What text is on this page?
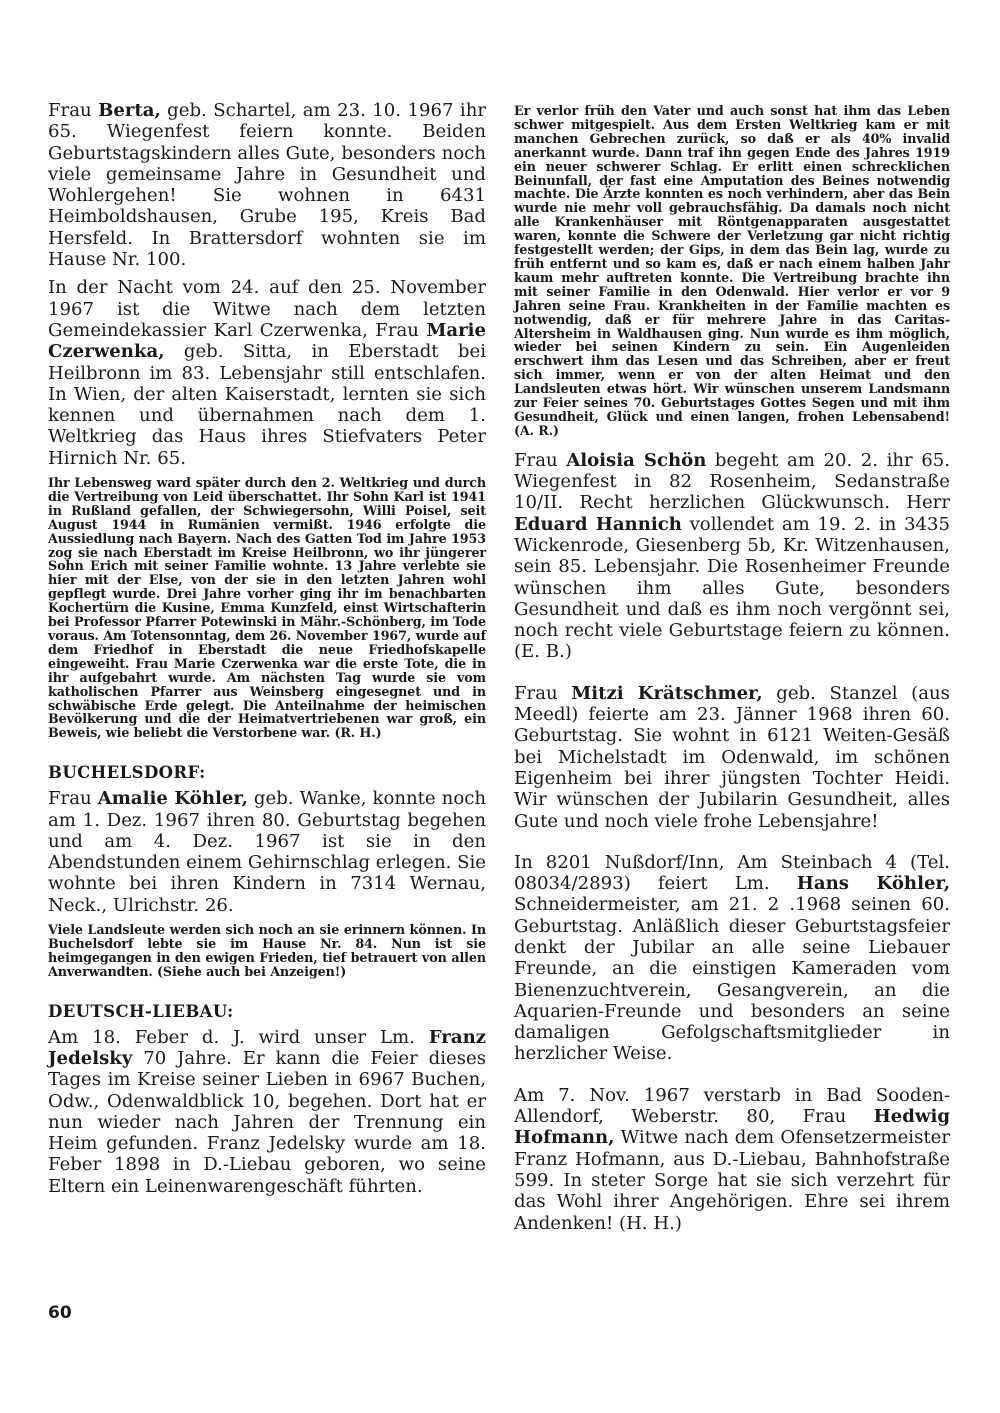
Frau Berta, geb. Schartel, am 23. 10. 1967 ihr 65. Wiegenfest feiern konnte. Beiden Geburtstagskindern alles Gute, besonders noch viele gemeinsame Jahre in Gesundheit und Wohlergehen! Sie wohnen in 6431 Heimboldshausen, Grube 195, Kreis Bad Hersfeld. In Brattersdorf wohnten sie im Hause Nr. 100.

In der Nacht vom 24. auf den 25. November 1967 ist die Witwe nach dem letzten Gemeindekassier Karl Czerwenka, Frau Marie Czerwenka, geb. Sitta, in Eberstadt bei Heilbronn im 83. Lebensjahr still entschlafen. In Wien, der alten Kaiserstadt, lernten sie sich kennen und übernahmen nach dem 1. Weltkrieg das Haus ihres Stiefvaters Peter Hirnich Nr. 65.

Ihr Lebensweg ward später durch den 2. Weltkrieg und durch die Vertreibung von Leid überschattet. Ihr Sohn Karl ist 1941 in Rußland gefallen, der Schwiegersohn, Willi Poisel, seit August 1944 in Rumänien vermißt. 1946 erfolgte die Aussiedlung nach Bayern. Nach des Gatten Tod im Jahre 1953 zog sie nach Eberstadt im Kreise Heilbronn, wo ihr jüngerer Sohn Erich mit seiner Familie wohnte. 13 Jahre verlebte sie hier mit der Else, von der sie in den letzten Jahren wohl gepflegt wurde. Drei Jahre vorher ging ihr im benachbarten Kochertürn die Kusine, Emma Kunzfeld, einst Wirtschafterin bei Professor Pfarrer Potewinski in Mähr.-Schönberg, im Tode voraus. Am Totensonntag, dem 26. November 1967, wurde auf dem Friedhof in Eberstadt die neue Friedhofskapelle eingeweiht. Frau Marie Czerwenka war die erste Tote, die in ihr aufgebahrt wurde. Am nächsten Tag wurde sie vom katholischen Pfarrer aus Weinsberg eingesegnet und in schwäbische Erde gelegt. Die Anteilnahme der heimischen Bevölkerung und die der Heimatvertriebenen war groß, ein Beweis, wie beliebt die Verstorbene war. (R. H.)

BUCHELSDORF:

Frau Amalie Köhler, geb. Wanke, konnte noch am 1. Dez. 1967 ihren 80. Geburtstag begehen und am 4. Dez. 1967 ist sie in den Abendstunden einem Gehirnschlag erlegen. Sie wohnte bei ihren Kindern in 7314 Wernau, Neck., Ulrichstr. 26.

Viele Landsleute werden sich noch an sie erinnern können. In Buchelsdorf lebte sie im Hause Nr. 84. Nun ist sie heimgegangen in den ewigen Frieden, tief betrauert von allen Anverwandten. (Siehe auch bei Anzeigen!)

DEUTSCH-LIEBAU:

Am 18. Feber d. J. wird unser Lm. Franz Jedelsky 70 Jahre. Er kann die Feier dieses Tages im Kreise seiner Lieben in 6967 Buchen, Odw., Odenwaldblick 10, begehen. Dort hat er nun wieder nach Jahren der Trennung ein Heim gefunden. Franz Jedelsky wurde am 18. Feber 1898 in D.-Liebau geboren, wo seine Eltern ein Leinenwarengeschäft führten.

Er verlor früh den Vater und auch sonst hat ihm das Leben schwer mitgespielt. Aus dem Ersten Weltkrieg kam er mit manchen Gebrechen zurück, so daß er als 40% invalid anerkannt wurde. Dann traf ihn gegen Ende des Jahres 1919 ein neuer schwerer Schlag. Er erlitt einen schrecklichen Beinunfall, der fast eine Amputation des Beines notwendig machte. Die Ärzte konnten es noch verhindern, aber das Bein wurde nie mehr voll gebrauchsfähig. Da damals noch nicht alle Krankenhäuser mit Röntgenapparaten ausgestattet waren, konnte die Schwere der Verletzung gar nicht richtig festgestellt werden; der Gips, in dem das Bein lag, wurde zu früh entfernt und so kam es, daß er nach einem halben Jahr kaum mehr auftreten konnte. Die Vertreibung brachte ihn mit seiner Familie in den Odenwald. Hier verlor er vor 9 Jahren seine Frau. Krankheiten in der Familie machten es notwendig, daß er für mehrere Jahre in das Caritas-Altersheim in Waldhausen ging. Nun wurde es ihm möglich, wieder bei seinen Kindern zu sein. Ein Augenleiden erschwert ihm das Lesen und das Schreiben, aber er freut sich immer, wenn er von der alten Heimat und den Landsleuten etwas hört. Wir wünschen unserem Landsmann zur Feier seines 70. Geburtstages Gottes Segen und mit ihm Gesundheit, Glück und einen langen, frohen Lebensabend! (A. R.)

Frau Aloisia Schön begeht am 20. 2. ihr 65. Wiegenfest in 82 Rosenheim, Sedanstraße 10/II. Recht herzlichen Glückwunsch. Herr Eduard Hannich vollendet am 19. 2. in 3435 Wickenrode, Giesenberg 5b, Kr. Witzenhausen, sein 85. Lebensjahr. Die Rosenheimer Freunde wünschen ihm alles Gute, besonders Gesundheit und daß es ihm noch vergönnt sei, noch recht viele Geburtstage feiern zu können. (E. B.)

Frau Mitzi Krätschmer, geb. Stanzel (aus Meedl) feierte am 23. Jänner 1968 ihren 60. Geburtstag. Sie wohnt in 6121 Weiten-Gesäß bei Michelstadt im Odenwald, im schönen Eigenheim bei ihrer jüngsten Tochter Heidi. Wir wünschen der Jubilarin Gesundheit, alles Gute und noch viele frohe Lebensjahre!

In 8201 Nußdorf/Inn, Am Steinbach 4 (Tel. 08034/2893) feiert Lm. Hans Köhler, Schneidermeister, am 21. 2 .1968 seinen 60. Geburtstag. Anläßlich dieser Geburtstagsfeier denkt der Jubilar an alle seine Liebauer Freunde, an die einstigen Kameraden vom Bienenzuchtverein, Gesangverein, an die Aquarien-Freunde und besonders an seine damaligen Gefolgschaftsmitglieder in herzlicher Weise.

Am 7. Nov. 1967 verstarb in Bad Sooden-Allendorf, Weberstr. 80, Frau Hedwig Hofmann, Witwe nach dem Ofensetzermeister Franz Hofmann, aus D.-Liebau, Bahnhofstraße 599. In steter Sorge hat sie sich verzehrt für das Wohl ihrer Angehörigen. Ehre sei ihrem Andenken! (H. H.)

60
